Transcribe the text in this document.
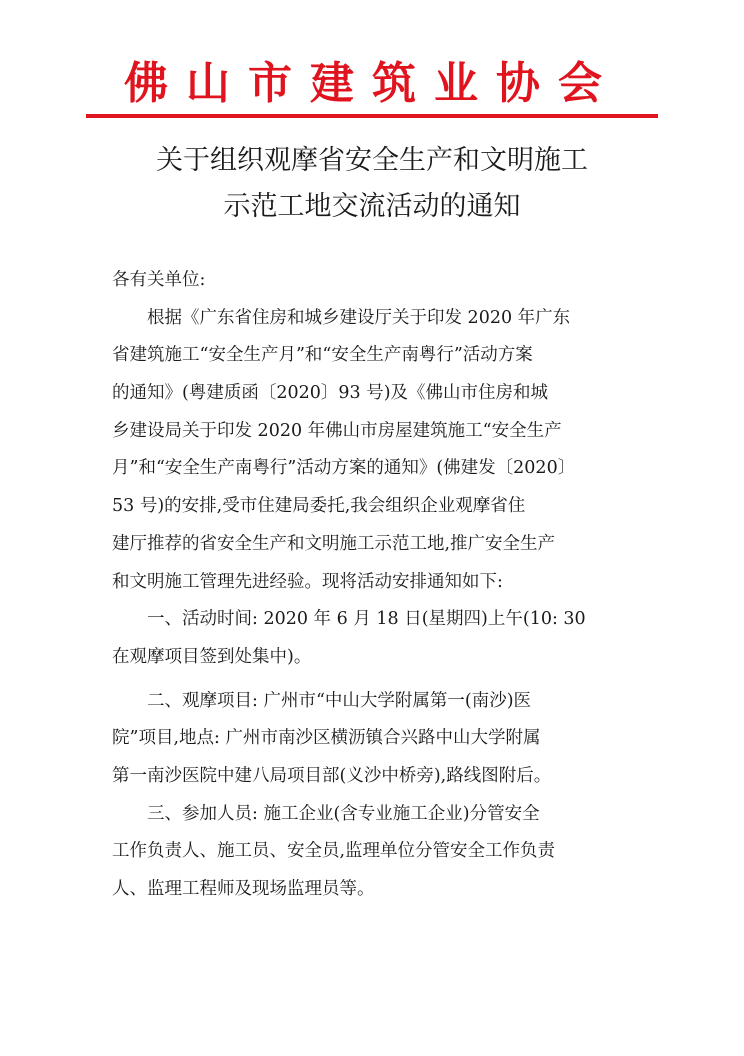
佛山市建筑业协会
关于组织观摩省安全生产和文明施工
示范工地交流活动的通知
各有关单位:
　　根据《广东省住房和城乡建设厅关于印发 2020 年广东
省建筑施工“安全生产月”和“安全生产南粤行”活动方案
的通知》(粤建质函〔2020〕93 号)及《佛山市住房和城
乡建设局关于印发 2020 年佛山市房屋建筑施工“安全生产
月”和“安全生产南粤行”活动方案的通知》(佛建发〔2020〕
53 号)的安排,受市住建局委托,我会组织企业观摩省住
建厅推荐的省安全生产和文明施工示范工地,推广安全生产
和文明施工管理先进经验。现将活动安排通知如下:
　　一、活动时间: 2020 年 6 月 18 日(星期四)上午(10: 30
在观摩项目签到处集中)。
　　二、观摩项目: 广州市“中山大学附属第一(南沙)医
院”项目,地点: 广州市南沙区横沥镇合兴路中山大学附属
第一南沙医院中建八局项目部(义沙中桥旁),路线图附后。
　　三、参加人员: 施工企业(含专业施工企业)分管安全
工作负责人、施工员、安全员,监理单位分管安全工作负责
人、监理工程师及现场监理员等。
